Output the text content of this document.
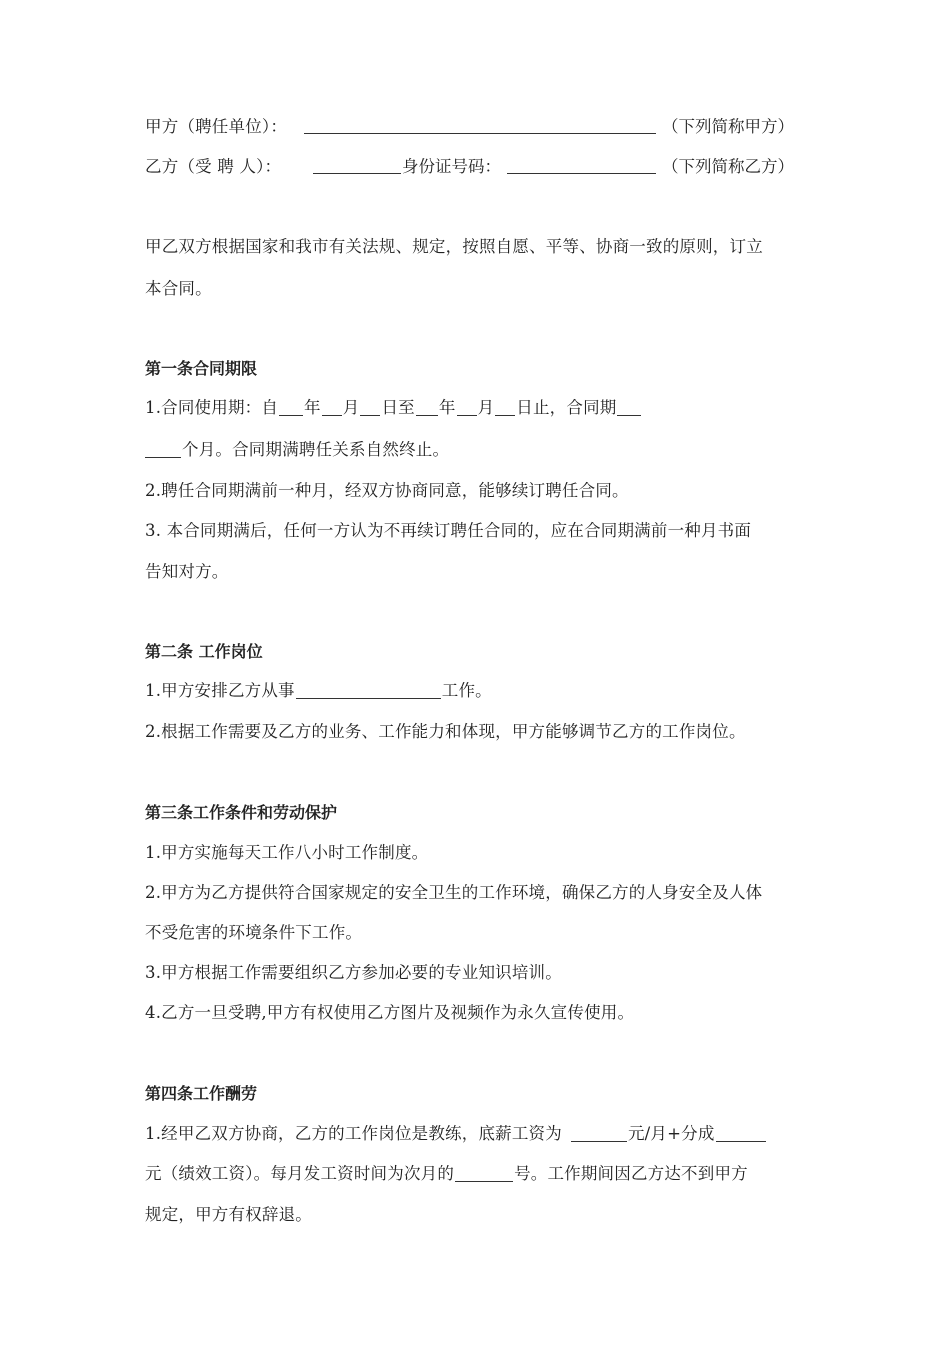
甲方（聘任单位）：	（下列简称甲方）
乙方（受 聘 人）：	身份证号码：	（下列简称乙方）
甲乙双方根据国家和我市有关法规、规定，按照自愿、平等、协商一致的原则，订立
本合同。
第一条合同期限
1.合同使用期：自 年 月 日至 年 月 日止，合同期
个月。合同期满聘任关系自然终止。
2.聘任合同期满前一种月，经双方协商同意，能够续订聘任合同。
3. 本合同期满后，任何一方认为不再续订聘任合同的，应在合同期满前一种月书面
告知对方。
第二条 工作岗位
1.甲方安排乙方从事	工作。
2.根据工作需要及乙方的业务、工作能力和体现，甲方能够调节乙方的工作岗位。
第三条工作条件和劳动保护
1.甲方实施每天工作八小时工作制度。
2.甲方为乙方提供符合国家规定的安全卫生的工作环境，确保乙方的人身安全及人体
不受危害的环境条件下工作。
3.甲方根据工作需要组织乙方参加必要的专业知识培训。
4.乙方一旦受聘,甲方有权使用乙方图片及视频作为永久宣传使用。
第四条工作酬劳
1.经甲乙双方协商，乙方的工作岗位是教练，底薪工资为	元/月+分成
元（绩效工资）。每月发工资时间为次月的	号。工作期间因乙方达不到甲方
规定，甲方有权辞退。
